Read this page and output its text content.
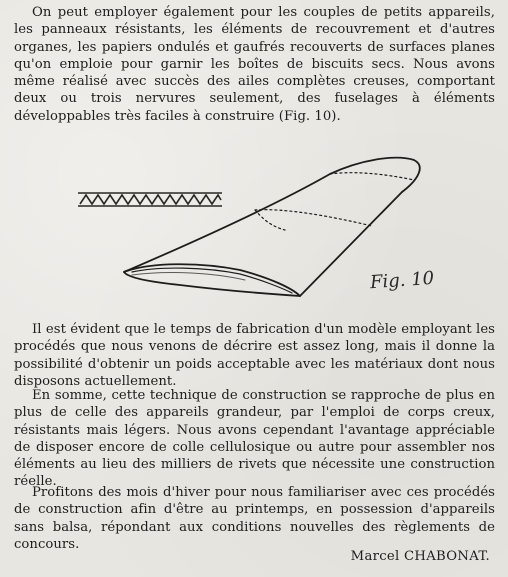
On peut employer également pour les couples de petits appareils, les panneaux résistants, les éléments de recouvrement et d'autres organes, les papiers ondulés et gaufrés recouverts de surfaces planes qu'on emploie pour garnir les boîtes de biscuits secs. Nous avons même réalisé avec succès des ailes complètes creuses, comportant deux ou trois nervures seulement, des fuselages à éléments développables très faciles à construire (Fig. 10).

Fig. 10

Il est évident que le temps de fabrication d'un modèle employant les procédés que nous venons de décrire est assez long, mais il donne la possibilité d'obtenir un poids acceptable avec les matériaux dont nous disposons actuellement.

En somme, cette technique de construction se rapproche de plus en plus de celle des appareils grandeur, par l'emploi de corps creux, résistants mais légers. Nous avons cependant l'avantage appréciable de disposer encore de colle cellulosique ou autre pour assembler nos éléments au lieu des milliers de rivets que nécessite une construction réelle.

Profitons des mois d'hiver pour nous familiariser avec ces procédés de construction afin d'être au printemps, en possession d'appareils sans balsa, répondant aux conditions nouvelles des règlements de concours.

Marcel CHABONAT.
